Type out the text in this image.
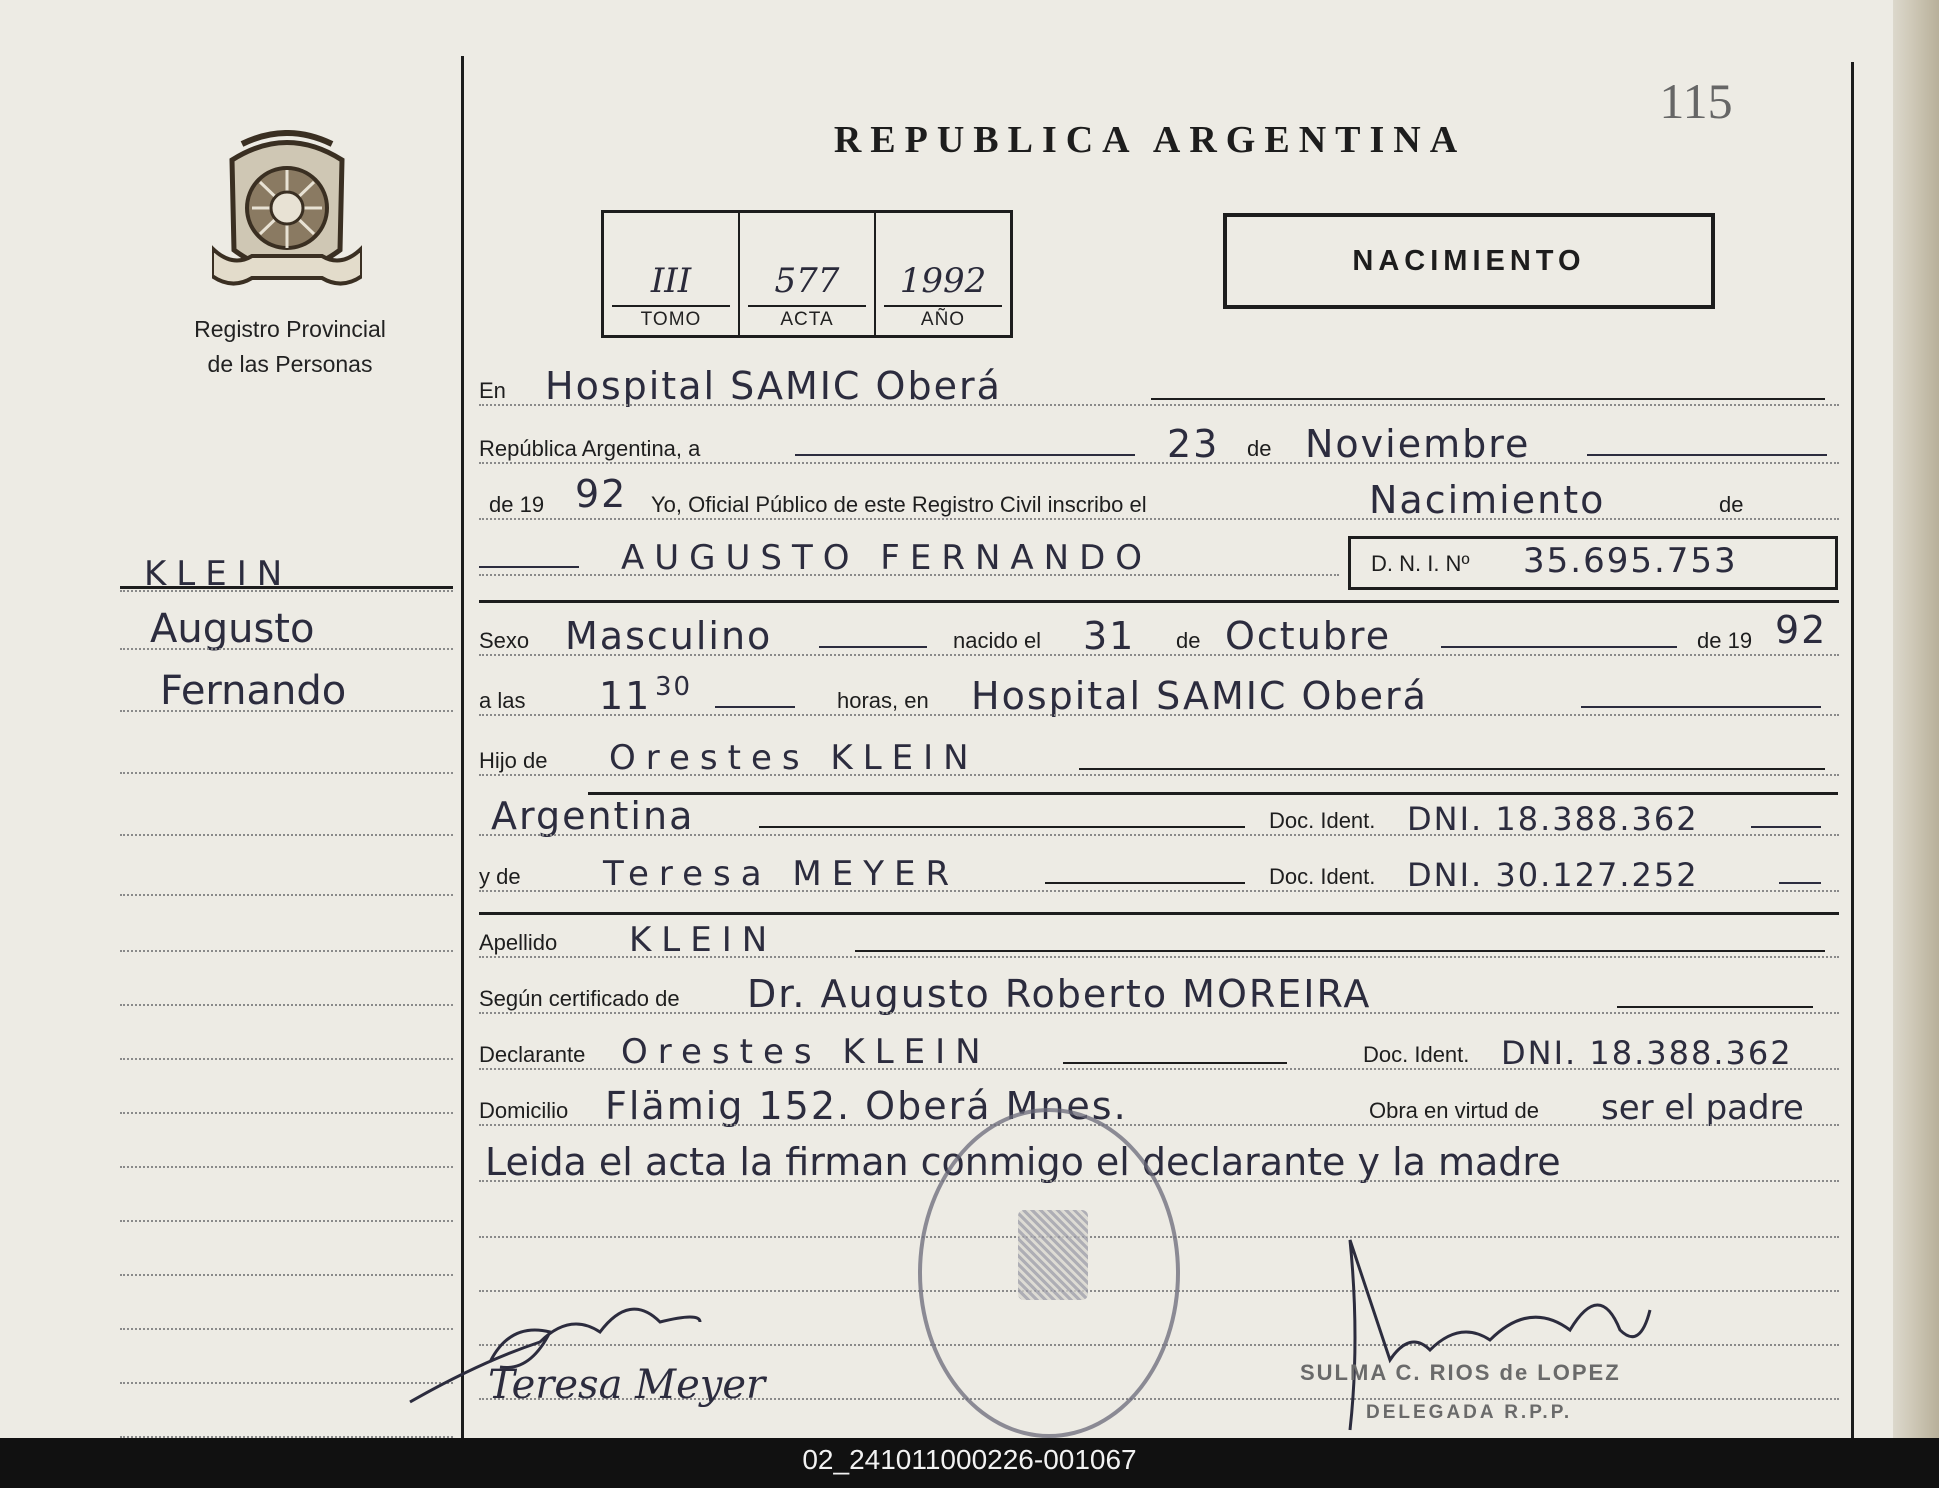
Registro Provincial
de las Personas
REPUBLICA ARGENTINA
115
III
TOMO
577
ACTA
1992
AÑO
NACIMIENTO
En Hospital SAMIC Oberá
República Argentina, a	23 de Noviembre
de 19 92 Yo, Oficial Público de este Registro Civil inscribo el	Nacimiento	de
AUGUSTO FERNANDO	D. N. I. Nº 35.695.753
Sexo Masculino	nacido el 31 de Octubre	de 19 92
a las 11 30	horas, en Hospital SAMIC Oberá
Hijo de Orestes KLEIN
Argentina	Doc. Ident. DNI. 18.388.362
y de Teresa MEYER	Doc. Ident. DNI. 30.127.252
Apellido KLEIN
Según certificado de Dr. Augusto Roberto MOREIRA
Declarante Orestes KLEIN	Doc. Ident. DNI. 18.388.362
Domicilio Flämig 152. Oberá Mnes.	Obra en virtud de ser el padre
Leida el acta la firman conmigo el declarante y la madre
KLEIN
Augusto
Fernando
Teresa Meyer	SULMA C. RIOS de LOPEZ
DELEGADA R.P.P.
02_241011000226-001067
